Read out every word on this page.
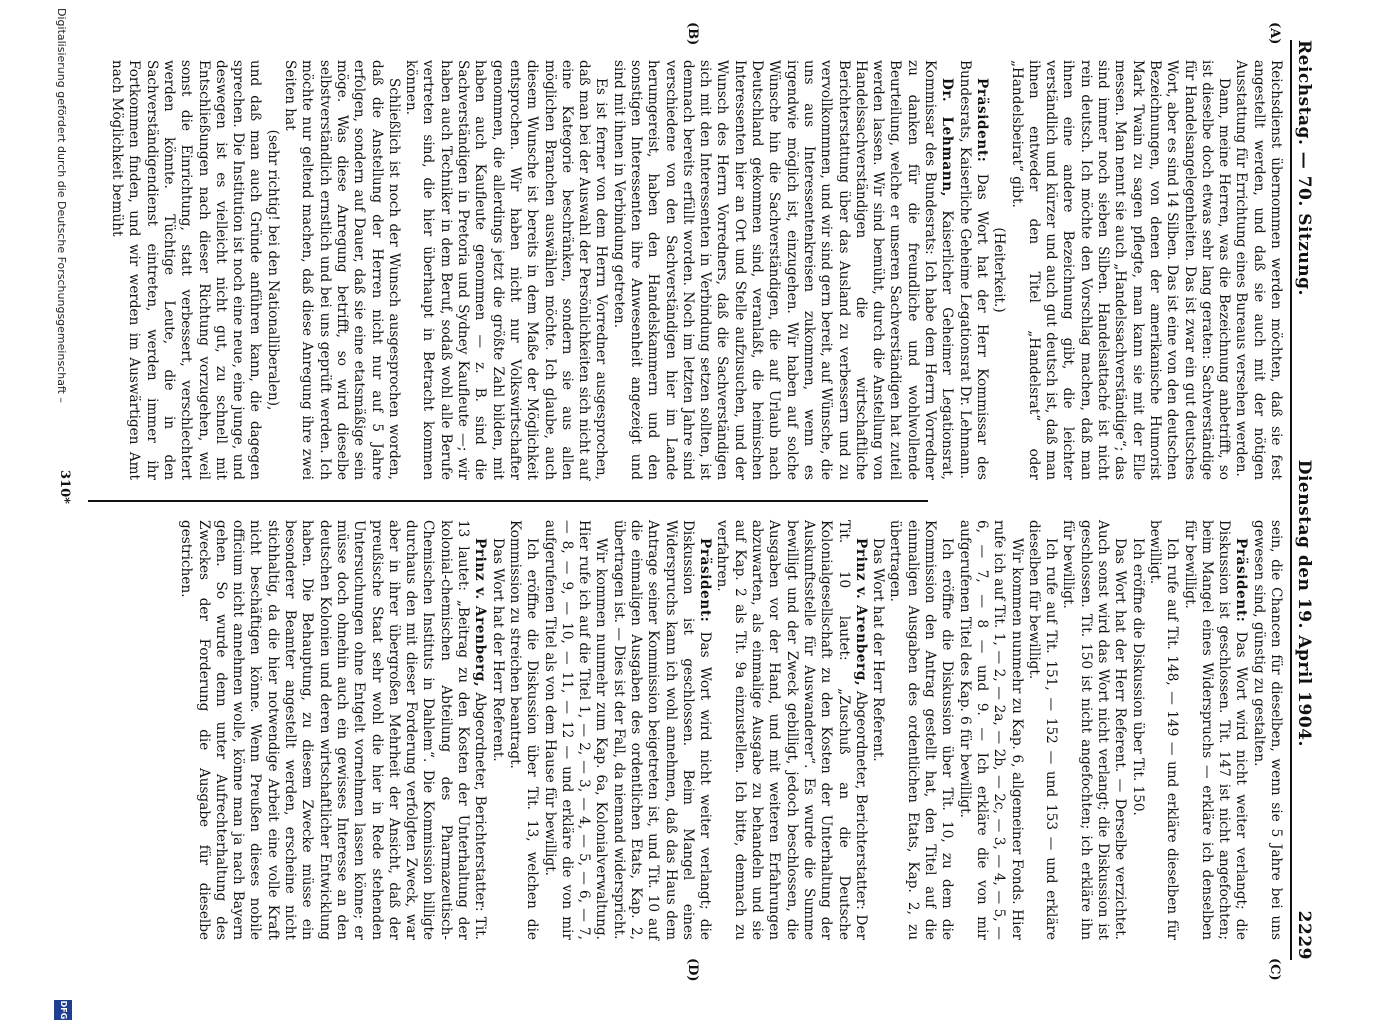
Reichstag. — 70. Sitzung.
Dienstag den 19. April 1904.
2229
(A)
(B)
(C)
(D)

Reichsdienst übernommen werden möchten, daß sie fest angestellt werden, und daß sie auch mit der nötigen Ausstattung für Errichtung eines Bureaus versehen werden.

Dann, meine Herren, was die Bezeichnung anbetrifft, so ist dieselbe doch etwas sehr lang geraten: Sachverständige für Handelsangelegenheiten. Das ist zwar ein gut deutsches Wort, aber es sind 14 Silben. Das ist eine von den deutschen Bezeichnungen, von denen der amerikanische Humorist Mark Twain zu sagen pflegte, man kann sie mit der Elle messen. Man nennt sie auch „Handelssachverständige“; das sind immer noch sieben Silben. Handelsattaché ist nicht rein deutsch. Ich möchte den Vorschlag machen, daß man ihnen eine andere Bezeichnung gibt, die leichter verständlich und kürzer und auch gut deutsch ist, daß man ihnen entweder den Titel „Handelsrat“ oder „Handelsbeirat“ gibt.

(Heiterkeit.)

Präsident: Das Wort hat der Herr Kommissar des Bundesrats, Kaiserliche Geheime Legationsrat Dr. Lehmann.

Dr. Lehmann, Kaiserlicher Geheimer Legationsrat, Kommissar des Bundesrats: Ich habe dem Herrn Vorredner zu danken für die freundliche und wohlwollende Beurteilung, welche er unseren Sachverständigen hat zuteil werden lassen. Wir sind bemüht, durch die Anstellung von Handelssachverständigen die wirtschaftliche Berichterstattung über das Ausland zu verbessern und zu vervollkommnen, und wir sind gern bereit, auf Wünsche, die uns aus Interessentenkreisen zukommen, wenn es irgendwie möglich ist, einzugehen. Wir haben auf solche Wünsche hin die Sachverständigen, die auf Urlaub nach Deutschland gekommen sind, veranlaßt, die heimischen Interessenten hier an Ort und Stelle aufzusuchen, und der Wunsch des Herrn Vorredners, daß die Sachverständigen sich mit den Interessenten in Verbindung setzen sollten, ist demnach bereits erfüllt worden. Noch im letzten Jahre sind verschiedene von den Sachverständigen hier im Lande herumgereist, haben den Handelskammern und den sonstigen Interessenten ihre Anwesenheit angezeigt und sind mit ihnen in Verbindung getreten.

Es ist ferner von dem Herrn Vorredner ausgesprochen, daß man bei der Auswahl der Persönlichkeiten sich nicht auf eine Kategorie beschränken, sondern sie aus allen möglichen Branchen auswählen möchte. Ich glaube, auch diesem Wunsche ist bereits in dem Maße der Möglichkeit entsprochen. Wir haben nicht nur Volkswirtschafter genommen, die allerdings jetzt die größte Zahl bilden, mit haben auch Kaufleute genommen — z. B. sind die Sachverständigen in Pretoria und Sydney Kaufleute —; wir haben auch Techniker in dem Beruf, sodaß wohl alle Berufe vertreten sind, die hier überhaupt in Betracht kommen können.

Schließlich ist noch der Wunsch ausgesprochen worden, daß die Anstellung der Herren nicht nur auf 5 Jahre erfolgen, sondern auf Dauer, daß sie eine etatsmäßige sein möge. Was diese Anregung betrifft, so wird dieselbe selbstverständlich ernstlich und bei uns geprüft werden. Ich möchte nur geltend machen, daß diese Anregung ihre zwei Seiten hat

(sehr richtig! bei den Nationalliberalen),

und daß man auch Gründe anführen kann, die dagegen sprechen. Die Institution ist noch eine neue, eine junge, und deswegen ist es vielleicht nicht gut, zu schnell mit Entschließungen nach dieser Richtung vorzugehen, weil sonst die Einrichtung, statt verbessert, verschlechtert werden könnte. Tüchtige Leute, die in den Sachverständigendienst eintreten, werden immer ihr Fortkommen finden, und wir werden im Auswärtigen Amt nach Möglichkeit bemüht

sein, die Chancen für dieselben, wenn sie 5 Jahre bei uns gewesen sind, günstig zu gestalten.

Präsident: Das Wort wird nicht weiter verlangt; die Diskussion ist geschlossen. Tit. 147 ist nicht angefochten; beim Mangel eines Widerspruchs — erkläre ich denselben für bewilligt.

Ich rufe auf Tit. 148, — 149 — und erkläre dieselben für bewilligt.

Ich eröffne die Diskussion über Tit. 150.

Das Wort hat der Herr Referent. — Derselbe verzichtet. Auch sonst wird das Wort nicht verlangt; die Diskussion ist geschlossen. Tit. 150 ist nicht angefochten; ich erkläre ihn für bewilligt.

Ich rufe auf Tit. 151, — 152 — und 153 — und erkläre dieselben für bewilligt.

Wir kommen nunmehr zu Kap. 6, allgemeiner Fonds. Hier rufe ich auf Tit. 1, — 2, — 2a, — 2b, — 2c, — 3, — 4, — 5, — 6, — 7, — 8 — und 9. — Ich erkläre die von mir aufgerufenen Titel des Kap. 6 für bewilligt.

Ich eröffne die Diskussion über Tit. 10, zu dem die Kommission den Antrag gestellt hat, den Titel auf die einmaligen Ausgaben des ordentlichen Etats, Kap. 2, zu übertragen.

Das Wort hat der Herr Referent.

Prinz v. Arenberg, Abgeordneter, Berichterstatter: Der Tit. 10 lautet: „Zuschuß an die Deutsche Kolonialgesellschaft zu den Kosten der Unterhaltung der Auskunftsstelle für Auswanderer“. Es wurde die Summe bewilligt und der Zweck gebilligt, jedoch beschlossen, die Ausgaben vor der Hand, und mit weiteren Erfahrungen abzuwarten, als einmalige Ausgabe zu behandeln und sie auf Kap. 2 als Tit. 9a einzustellen. Ich bitte, demnach zu verfahren.

Präsident: Das Wort wird nicht weiter verlangt; die Diskussion ist geschlossen. Beim Mangel eines Widerspruchs kann ich wohl annehmen, daß das Haus dem Antrage seiner Kommission beigetreten ist, und Tit. 10 auf die einmaligen Ausgaben des ordentlichen Etats, Kap. 2, übertragen ist. — Dies ist der Fall, da niemand widerspricht.

Wir kommen nunmehr zum Kap. 6a, Kolonialverwaltung. Hier rufe ich auf die Titel 1, — 2, — 3, — 4, — 5, — 6, — 7, — 8, — 9, — 10, — 11, — 12 — und erkläre die von mir aufgerufenen Titel als von dem Hause für bewilligt.

Ich eröffne die Diskussion über Tit. 13, welchen die Kommission zu streichen beantragt.

Das Wort hat der Herr Referent.

Prinz v. Arenberg, Abgeordneter, Berichterstatter: Tit. 13 lautet: „Beitrag zu den Kosten der Unterhaltung der kolonial-chemischen Abteilung des Pharmazeutisch-Chemischen Instituts in Dahlem“. Die Kommission billigte durchaus den mit dieser Forderung verfolgten Zweck, war aber in ihrer übergroßen Mehrheit der Ansicht, daß der preußische Staat sehr wohl die hier in Rede stehenden Untersuchungen ohne Entgelt vornehmen lassen könne; er müsse doch ohnehin auch ein gewisses Interesse an den deutschen Kolonien und deren wirtschaftlicher Entwicklung haben. Die Behauptung, zu diesem Zwecke müsse ein besonderer Beamter angestellt werden, erscheine nicht stichhaltig, da die hier notwendige Arbeit eine volle Kraft nicht beschäftigen könne. Wenn Preußen dieses nobile officium nicht annehmen wolle, könne man ja nach Bayern gehen. So wurde denn unter Aufrechterhaltung des Zweckes der Forderung die Ausgabe für dieselbe gestrichen.

310*
Digitalisierung gefördert durch die Deutsche Forschungsgemeinschaft –
DFG
